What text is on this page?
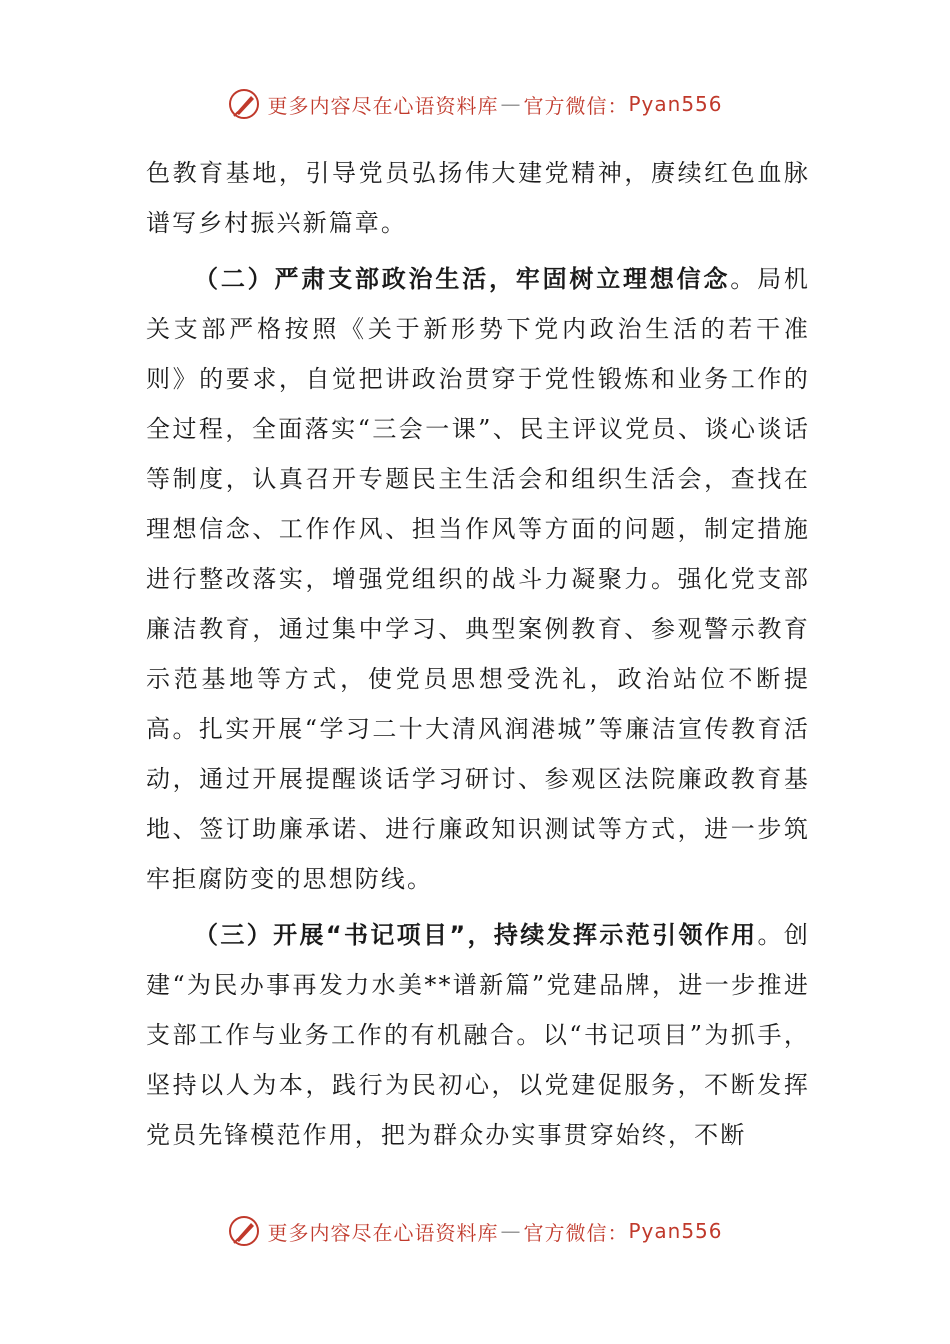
更多内容尽在心语资料库 — 官方微信： Pyan556

色教育基地，引导党员弘扬伟大建党精神，赓续红色血脉谱写乡村振兴新篇章。

（二）严肃支部政治生活，牢固树立理想信念。局机关支部严格按照《关于新形势下党内政治生活的若干准则》的要求，自觉把讲政治贯穿于党性锻炼和业务工作的全过程，全面落实“三会一课”、民主评议党员、谈心谈话等制度，认真召开专题民主生活会和组织生活会，查找在理想信念、工作作风、担当作风等方面的问题，制定措施进行整改落实，增强党组织的战斗力凝聚力。强化党支部廉洁教育，通过集中学习、典型案例教育、参观警示教育示范基地等方式，使党员思想受洗礼，政治站位不断提高。扎实开展“学习二十大清风润港城”等廉洁宣传教育活动，通过开展提醒谈话学习研讨、参观区法院廉政教育基地、签订助廉承诺、进行廉政知识测试等方式，进一步筑牢拒腐防变的思想防线。

（三）开展“书记项目”，持续发挥示范引领作用。创建“为民办事再发力水美**谱新篇”党建品牌，进一步推进支部工作与业务工作的有机融合。以“书记项目”为抓手，坚持以人为本，践行为民初心，以党建促服务，不断发挥党员先锋模范作用，把为群众办实事贯穿始终，不断

更多内容尽在心语资料库 — 官方微信： Pyan556
